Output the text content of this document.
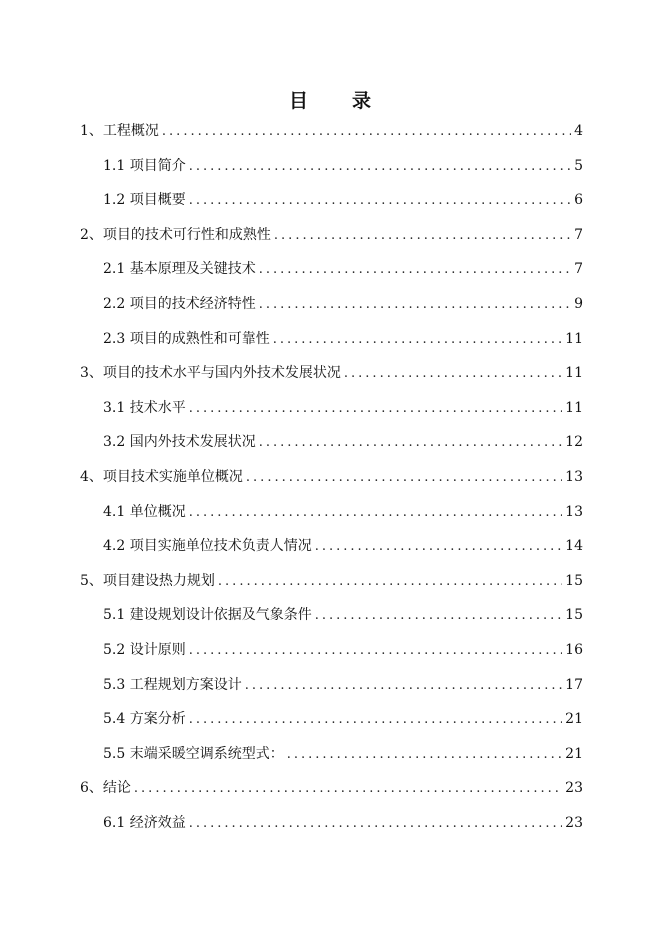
目　　录
1、工程概况 .....	4
1.1 项目简介 .....	5
1.2 项目概要 .....	6
2、项目的技术可行性和成熟性 .....	7
2.1 基本原理及关键技术 .....	7
2.2 项目的技术经济特性 .....	9
2.3 项目的成熟性和可靠性 .....	11
3、项目的技术水平与国内外技术发展状况 .....	11
3.1 技术水平 .....	11
3.2 国内外技术发展状况 .....	12
4、项目技术实施单位概况 .....	13
4.1 单位概况 .....	13
4.2 项目实施单位技术负责人情况 .....	14
5、项目建设热力规划 .....	15
5.1 建设规划设计依据及气象条件 .....	15
5.2 设计原则 .....	16
5.3 工程规划方案设计 .....	17
5.4 方案分析 .....	21
5.5 末端采暖空调系统型式： .....	21
6、结论 .....	23
6.1 经济效益 .....	23
